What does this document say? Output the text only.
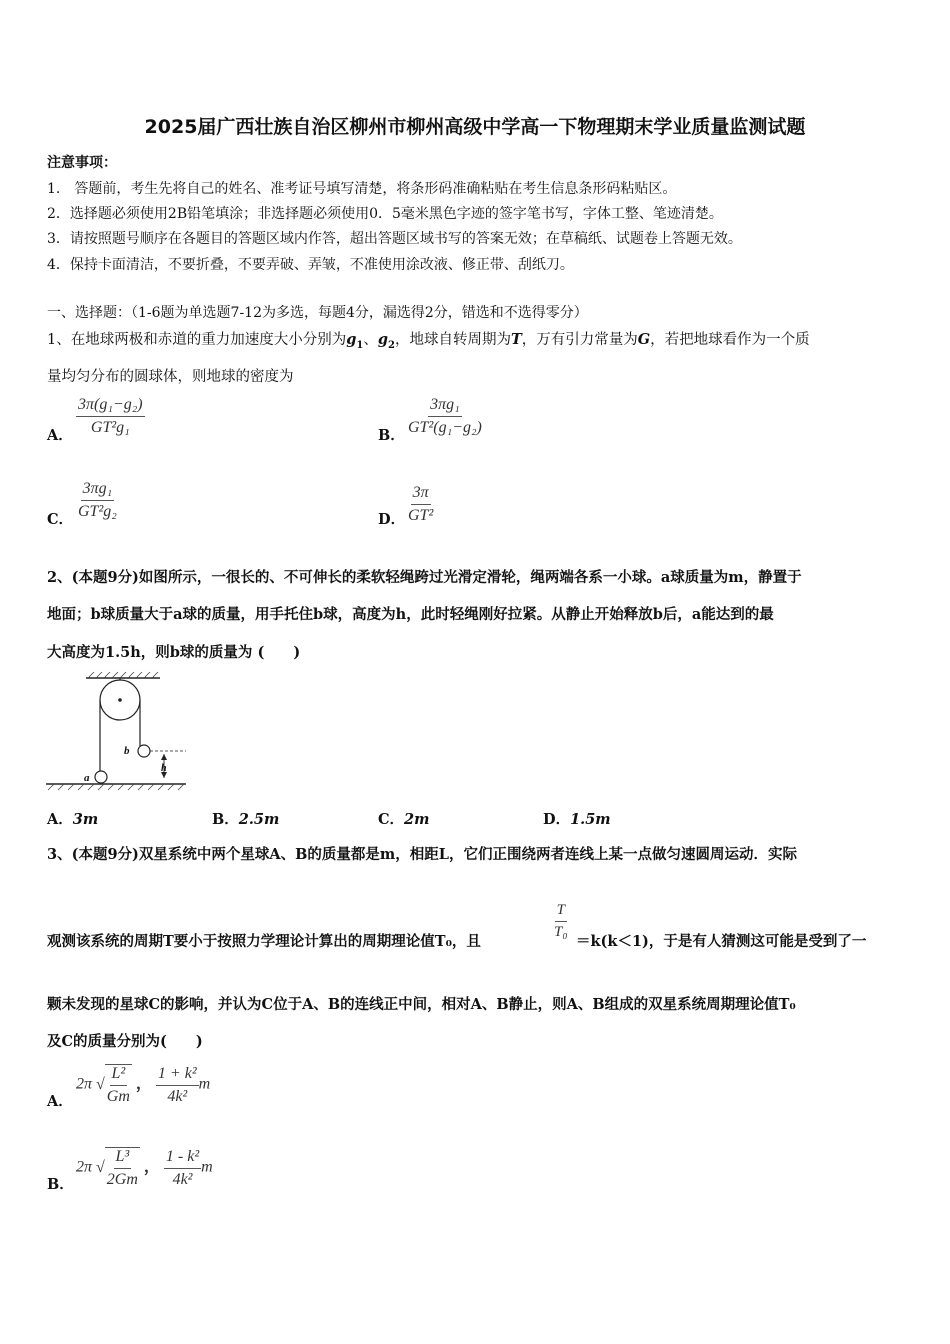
2025届广西壮族自治区柳州市柳州高级中学高一下物理期末学业质量监测试题
注意事项：
1.　答题前，考生先将自己的姓名、准考证号填写清楚，将条形码准确粘贴在考生信息条形码粘贴区。
2．选择题必须使用2B铅笔填涂；非选择题必须使用0．5毫米黑色字迹的签字笔书写，字体工整、笔迹清楚。
3．请按照题号顺序在各题目的答题区域内作答，超出答题区域书写的答案无效；在草稿纸、试题卷上答题无效。
4．保持卡面清洁，不要折叠，不要弄破、弄皱，不准使用涂改液、修正带、刮纸刀。
一、选择题：（1-6题为单选题7-12为多选，每题4分，漏选得2分，错选和不选得零分）
1、在地球两极和赤道的重力加速度大小分别为$g_1$、$g_2$，地球自转周期为T，万有引力常量为G，若把地球看作为一个质
量均匀分布的圆球体，则地球的密度为
A． $\frac{\text{3π(g₁−g₂)}}{\text{GT²g₁}}$	B． $\frac{\text{3πg₁}}{\text{GT²(g₁−g₂)}}$
C． $\frac{\text{3πg₁}}{\text{GT²g₂}}$	D． $\frac{3\pi}{\text{GT²}}$
2、(本题9分)如图所示，一很长的、不可伸长的柔软轻绳跨过光滑定滑轮，绳两端各系一小球。a球质量为m，静置于
地面；b球质量大于a球的质量，用手托住b球，高度为h，此时轻绳刚好拉紧。从静止开始释放b后，a能达到的最
大高度为1.5h，则b球的质量为 (　　)
b
h
a
A．3m	B．2.5m	C．2m	D．1.5m
3、(本题9分)双星系统中两个星球A、B的质量都是m，相距L，它们正围绕两者连线上某一点做匀速圆周运动．实际
观测该系统的周期T要小于按照力学理论计算出的周期理论值T₀，且
$\frac{T}{\text{T₀}}$
＝k(k＜1)，于是有人猜测这可能是受到了一
颗未发现的星球C的影响，并认为C位于A、B的连线正中间，相对A、B静止，则A、B组成的双星系统周期理论值T₀
及C的质量分别为(　　)
A．
2π √ $\frac{\text{L²}}{Gm}$ ， $\frac{\text{1 + k²}}{\text{4k²}}$ m
B．
2π √ $\frac{\text{L³}}{2Gm}$ ， $\frac{\text{1 - k²}}{\text{4k²}}$ m
